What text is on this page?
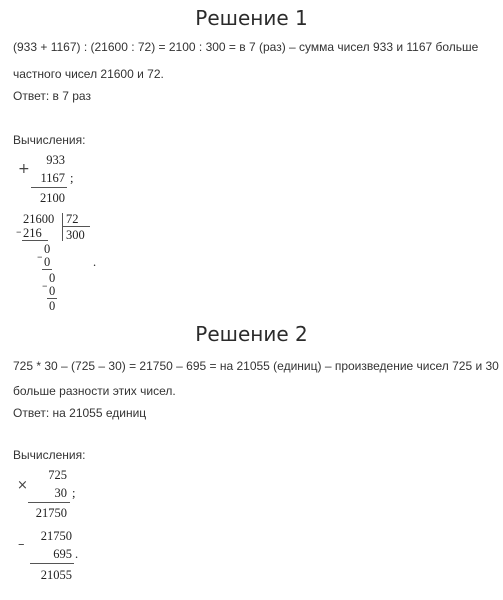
Решение 1
(933 + 1167) : (21600 : 72) = 2100 : 300 = в 7 (раз) – сумма чисел 933 и 1167 больше
частного чисел 21600 и 72.
Ответ: в 7 раз
Вычисления:
+
933
1167 ;
2100
21600 72
300
– 216
0
– 0
0
– 0
0
.
Решение 2
725 * 30 – (725 – 30) = 21750 – 695 = на 21055 (единиц) – произведение чисел 725 и 30
больше разности этих чисел.
Ответ: на 21055 единиц
Вычисления:
×
725
30 ;
21750
–
21750
695 .
21055
